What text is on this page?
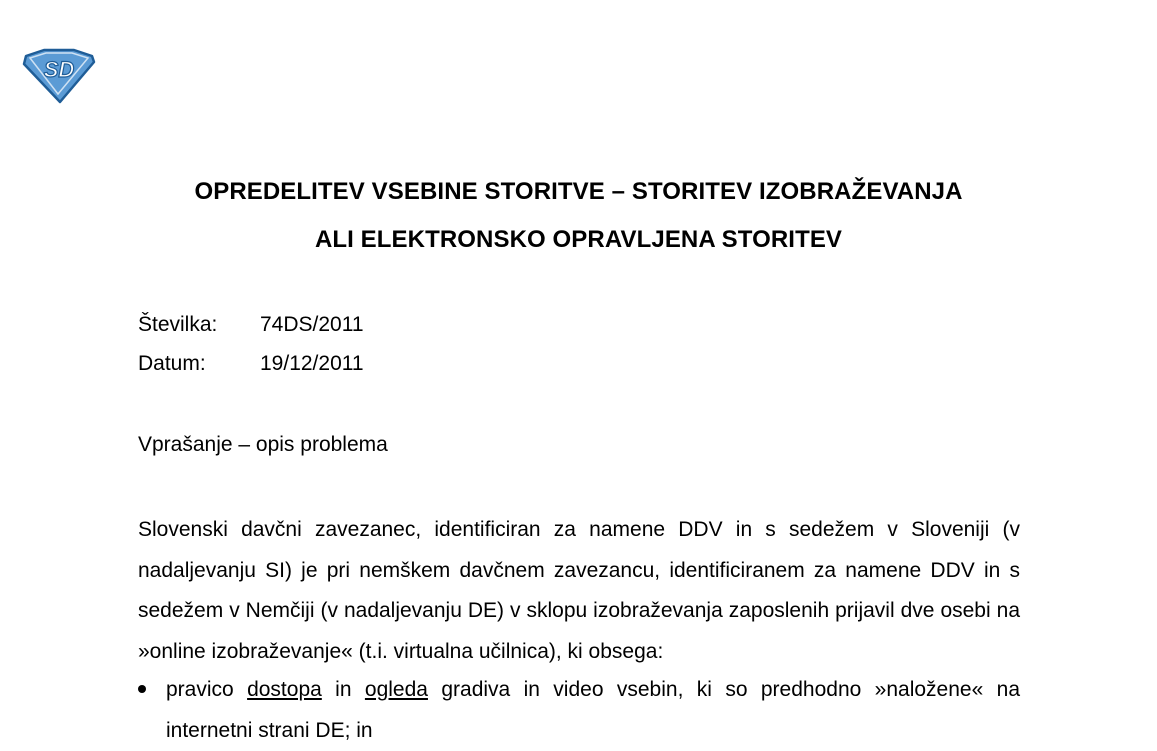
SD
OPREDELITEV VSEBINE STORITVE – STORITEV IZOBRAŽEVANJA
ALI ELEKTRONSKO OPRAVLJENA STORITEV
Številka: 74DS/2011
Datum:	19/12/2011
Vprašanje – opis problema
Slovenski davčni zavezanec, identificiran za namene DDV in s sedežem v Sloveniji (v nadaljevanju SI) je pri nemškem davčnem zavezancu, identificiranem za namene DDV in s sedežem v Nemčiji (v nadaljevanju DE) v sklopu izobraževanja zaposlenih prijavil dve osebi na »online izobraževanje« (t.i. virtualna učilnica), ki obsega:
pravico dostopa in ogleda gradiva in video vsebin, ki so predhodno »naložene« na internetni strani DE; in
